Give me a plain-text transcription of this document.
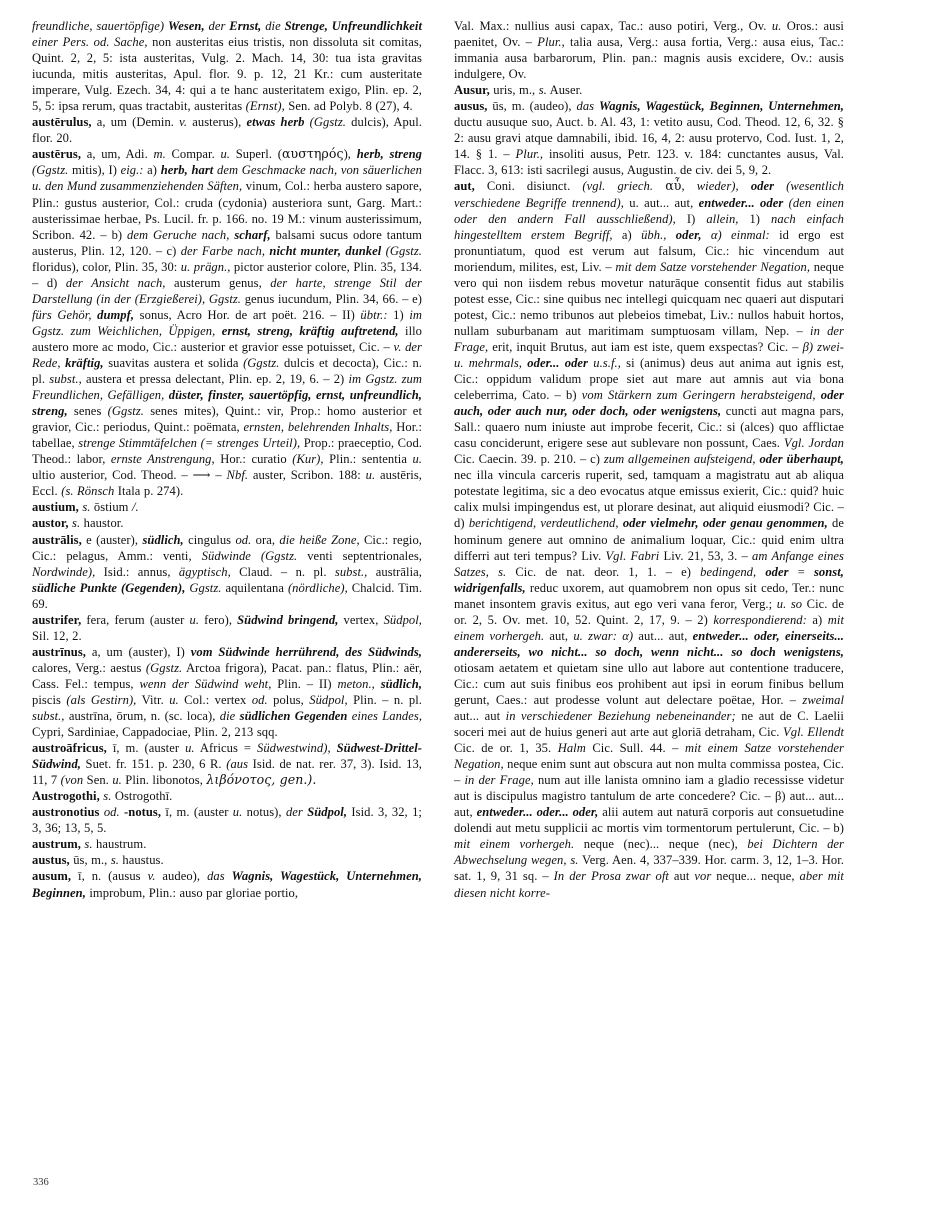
freundliche, sauertöpfige) Wesen, der Ernst, die Strenge, Unfreundlichkeit einer Pers. od. Sache, non austeritas eius tristis, non dissoluta sit comitas, Quint. 2, 2, 5: ista austeritas, Vulg. 2. Mach. 14, 30: tua ista gravitas iucunda, mitis austeritas, Apul. flor. 9. p. 12, 21 Kr.: cum austeritate imperare, Vulg. Ezech. 34, 4: qui a te hanc austeritatem exigo, Plin. ep. 2, 5, 5: ipsa rerum, quas tractabit, austeritas (Ernst), Sen. ad Polyb. 8 (27), 4.

austērulus, a, um (Demin. v. austerus), etwas herb (Ggstz. dulcis), Apul. flor. 20.

austērus, a, um, Adi. m. Compar. u. Superl. (αυστηρός), herb, streng (Ggstz. mitis), I) eig.: a) herb, hart dem Geschmacke nach, von säuerlichen u. den Mund zusammenziehenden Säften, vinum, Col.: herba austero sapore, Plin.: gustus austerior, Col.: cruda (cydonia) austeriora sunt, Garg. Mart.: austerissimae herbae, Ps. Lucil. fr. p. 166. no. 19 M.: vinum austerissimum, Scribon. 42. – b) dem Geruche nach, scharf, balsami sucus odore tantum austerus, Plin. 12, 120. – c) der Farbe nach, nicht munter, dunkel (Ggstz. floridus), color, Plin. 35, 30: u. prägn., pictor austerior colore, Plin. 35, 134. – d) der Ansicht nach, austerum genus, der harte, strenge Stil der Darstellung (in der (Erzgießerei), Ggstz. genus iucundum, Plin. 34, 66. – e) fürs Gehör, dumpf, sonus, Acro Hor. de art poët. 216. – II) übtr.: 1) im Ggstz. zum Weichlichen, Üppigen, ernst, streng, kräftig auftretend, illo austero more ac modo, Cic.: austerior et gravior esse potuisset, Cic. – v. der Rede, kräftig, suavitas austera et solida (Ggstz. dulcis et decocta), Cic.: n. pl. subst., austera et pressa delectant, Plin. ep. 2, 19, 6. – 2) im Ggstz. zum Freundlichen, Gefälligen, düster, finster, sauertöpfig, ernst, unfreundlich, streng, senes (Ggstz. senes mites), Quint.: vir, Prop.: homo austerior et gravior, Cic.: periodus, Quint.: poëmata, ernsten, belehrenden Inhalts, Hor.: tabellae, strenge Stimmtäfelchen (= strenges Urteil), Prop.: praeceptio, Cod. Theod.: labor, ernste Anstrengung, Hor.: curatio (Kur), Plin.: sententia u. ultio austerior, Cod. Theod. – ⟶ – Nbf. auster, Scribon. 188: u. austēris, Eccl. (s. Rönsch Itala p. 274).

austium, s. ōstium /.

austor, s. haustor.

austrālis, e (auster), südlich, cingulus od. ora, die heiße Zone, Cic.: regio, Cic.: pelagus, Amm.: venti, Südwinde (Ggstz. venti septentrionales, Nordwinde), Isid.: annus, ägyptisch, Claud. – n. pl. subst., austrālia, südliche Punkte (Gegenden), Ggstz. aquilentana (nördliche), Chalcid. Tim. 69.

austrifer, fera, ferum (auster u. fero), Südwind bringend, vertex, Südpol, Sil. 12, 2.

austrīnus, a, um (auster), I) vom Südwinde herrührend, des Südwinds, calores, Verg.: aestus (Ggstz. Arctoa frigora), Pacat. pan.: flatus, Plin.: aër, Cass. Fel.: tempus, wenn der Südwind weht, Plin. – II) meton., südlich, piscis (als Gestirn), Vitr. u. Col.: vertex od. polus, Südpol, Plin. – n. pl. subst., austrīna, ōrum, n. (sc. loca), die südlichen Gegenden eines Landes, Cypri, Sardiniae, Cappadociae, Plin. 2, 213 sqq.

austroāfricus, ī, m. (auster u. Africus = Südwestwind), Südwest-Drittel-Südwind, Suet. fr. 151. p. 230, 6 R. (aus Isid. de nat. rer. 37, 3). Isid. 13, 11, 7 (von Sen. u. Plin. libonotos, λιβόνοτος, gen.).

Austrogothi, s. Ostrogothī.

austronotius od. -notus, ī, m. (auster u. notus), der Südpol, Isid. 3, 32, 1; 3, 36; 13, 5, 5.

austrum, s. haustrum.

austus, ūs, m., s. haustus.

ausum, ī, n. (ausus v. audeo), das Wagnis, Wagestück, Unternehmen, Beginnen, improbum, Plin.: auso par gloriae portio,

Val. Max.: nullius ausi capax, Tac.: auso potiri, Verg., Ov. u. Oros.: ausi paenitet, Ov. – Plur., talia ausa, Verg.: ausa fortia, Verg.: ausa eius, Tac.: immania ausa barbarorum, Plin. pan.: magnis ausis excidere, Ov.: ausis indulgere, Ov.

Ausur, uris, m., s. Auser.

ausus, ūs, m. (audeo), das Wagnis, Wagestück, Beginnen, Unternehmen, ductu ausuque suo, Auct. b. Al. 43, 1: vetito ausu, Cod. Theod. 12, 6, 32. § 2: ausu gravi atque damnabili, ibid. 16, 4, 2: ausu protervo, Cod. Iust. 1, 2, 14. § 1. – Plur., insoliti ausus, Petr. 123. v. 184: cunctantes ausus, Val. Flacc. 3, 613: isti sacrilegi ausus, Augustin. de civ. dei 5, 9, 2.

aut, Coni. disiunct. (vgl. griech. αὖ, wieder), oder (wesentlich verschiedene Begriffe trennend), u. aut... aut, entweder... oder (den einen oder den andern Fall ausschließend), I) allein, 1) nach einfach hingestelltem erstem Begriff, a) übh., oder, α) einmal: id ergo est pronuntiatum, quod est verum aut falsum, Cic.: hic vincendum aut moriendum, milites, est, Liv. – mit dem Satze vorstehender Negation, neque vero qui non iisdem rebus movetur naturāque consentit fidus aut stabilis potest esse, Cic.: sine quibus nec intellegi quicquam nec quaeri aut disputari potest, Cic.: nemo tribunos aut plebeios timebat, Liv.: nullos habuit hortos, nullam suburbanam aut maritimam sumptuosam villam, Nep. – in der Frage, erit, inquit Brutus, aut iam est iste, quem exspectas? Cic. – β) zwei- u. mehrmals, oder... oder u.s.f., si (animus) deus aut anima aut ignis est, Cic.: oppidum validum prope siet aut mare aut amnis aut via bona celeberrima, Cato. – b) vom Stärkern zum Geringern herabsteigend, oder auch, oder auch nur, oder doch, oder wenigstens, cuncti aut magna pars, Sall.: quaero num iniuste aut improbe fecerit, Cic.: si (alces) quo afflictae casu conciderunt, erigere sese aut sublevare non possunt, Caes. Vgl. Jordan Cic. Caecin. 39. p. 210. – c) zum allgemeinen aufsteigend, oder überhaupt, nec illa vincula carceris ruperit, sed, tamquam a magistratu aut ab aliqua potestate legitima, sic a deo evocatus atque emissus exierit, Cic.: quid? huic calix mulsi impingendus est, ut plorare desinat, aut aliquid eiusmodi? Cic. – d) berichtigend, verdeutlichend, oder vielmehr, oder genau genommen, de hominum genere aut omnino de animalium loquar, Cic.: quid enim ultra differri aut teri tempus? Liv. Vgl. Fabri Liv. 21, 53, 3. – am Anfange eines Satzes, s. Cic. de nat. deor. 1, 1. – e) bedingend, oder = sonst, widrigenfalls, reduc uxorem, aut quamobrem non opus sit cedo, Ter.: nunc manet insontem gravis exitus, aut ego veri vana feror, Verg.; u. so Cic. de or. 2, 5. Ov. met. 10, 52. Quint. 2, 17, 9. – 2) korrespondierend: a) mit einem vorhergeh. aut, u. zwar: α) aut... aut, entweder... oder, einerseits... andererseits, wo nicht... so doch, wenn nicht... so doch wenigstens, otiosam aetatem et quietam sine ullo aut labore aut contentione traducere, Cic.: cum aut suis finibus eos prohibent aut ipsi in eorum finibus bellum gerunt, Caes.: aut prodesse volunt aut delectare poëtae, Hor. – zweimal aut... aut in verschiedener Beziehung nebeneinander; ne aut de C. Laelii soceri mei aut de huius generi aut arte aut gloriā detraham, Cic. Vgl. Ellendt Cic. de or. 1, 35. Halm Cic. Sull. 44. – mit einem Satze vorstehender Negation, neque enim sunt aut obscura aut non multa commissa postea, Cic. – in der Frage, num aut ille lanista omnino iam a gladio recessisse videtur aut is discipulus magistro tantulum de arte concedere? Cic. – β) aut... aut... aut, entweder... oder... oder, alii autem aut naturā corporis aut consuetudine dolendi aut metu supplicii ac mortis vim tormentorum pertulerunt, Cic. – b) mit einem vorhergeh. neque (nec)... neque (nec), bei Dichtern der Abwechselung wegen, s. Verg. Aen. 4, 337–339. Hor. carm. 3, 12, 1–3. Hor. sat. 1, 9, 31 sq. – In der Prosa zwar oft aut vor neque... neque, aber mit diesen nicht korre-

336
